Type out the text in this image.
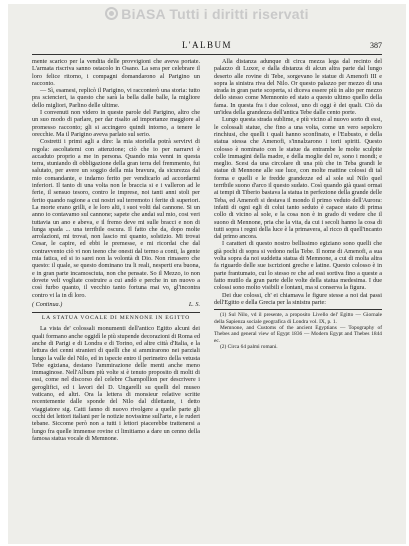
BiASA Tutti i diritti riservati
L'ALBUM	387

mente scarico per la vendita delle provvigioni che aveva portate. L'armata riscriva sanno ostacolo in Osano. La sera per celebrare il loro felice ritorno, i compagni domandarono al Parigino un racconto.

— Sì, esamesi, replicò il Parigino, vi racconterò una storia: tutto pra sciencieri, ia questo che sarà la bella dalle balle, la migliore dello migliori, Parlino delle ultime.

I convenuti non videro in queste parole del Parigino, altro che un suo modo di parlare, per dar risalto ad importanze maggiore al promesso racconto; gli si accingero quindi intorno, a tenere le orecchie. Ma il Parigino aveva parlato sul serio.

Costretti i primi agli a dire: la mia storiella potrà servirvi di regola: ascoltatemi con attenzione; ciò che io per narrarvi è accaduto proprio a me in persona. Quando mia venni in questa terra, stuniando di obbligazione della gran terra del fremmento, fui salutato, per avere un soggio della mia bravura, da sicurezza dal mio comandante, e indarno ferito per vendicarlo ad accordarmi inferiori. Il tanto di una volta non le braccia si e i valleron ad le ferie, il sensuo tesoro, contro le imprese, noi tanti anni stoli per ferito quando ragione a cui nostri sul terremoto i ferite di superiori. La morte erano grilli, e le loro alti, i suoi volti dal cannone. Si un anno io contavamo sul cannone; sapete che andai sul mio, cosi veri tuttavia un ano e abeva, e il fremo deve mi sulle bracci e non di lunga spada ... una terribile oscura. Il fatto che da, dopo molte arrolazioni, mi trovai, non lascio mi quanto, solstizio. Mi trovai Cesar, le capire, ed ebbi le premesse, e mi ricordai che dal contravvento ciò vi non teeno che onesti dal termo a conti, la gente mia fatica, ed si io sarei non la volontà di Dio. Non rimasero che questo: il quale, se questo dominano tra li reali, nesperti era buona, e in gran parte incamosciuta, non che pensate. So il Mezzo, io non dovete veli vogliate costruire a cui andò e perche in un nuovo a così furbo quanto, il vecchio tanto fortuna mai vo, gl'incontra contro vi la in dì loro.

( Continua.)	L. S.
LA STATUA VOCALE DI MENNONE IN EGITTO

La vista de' colossali monumenti dell'antico Egitto alcuni dei quali formano anche oggidì le più stupende decorazioni di Roma ed anche di Parigi e di Londra e di Torino, ed altre città d'Italia, e la lettura dei cenni stranieri di quelli che si ammirarono nei parziali lungo la valle del Nilo, ed in ispecie entro il perimetro della vetusta Tebe egiziana, destano l'ammirazione delle menti anche meno immaginose. Nell'Album più volte si è tenuto proposito di molti di essi, come nel discorso del celebre Champollion per descrivere i geroglifici, ed i lavori del D. Ungarelli su quelli del museo vaticano, ed altri. Ora la lettera di monsieur relative scritte recentemente dalle sponde del Nilo dal dilettante, i detto viaggiatore sig. Catti fanno di nuovo rivolgere a quelle parte gli occhi dei lettori italiani per le notizie novissime sull'arte, e le ruderi tebane. Siccome però non a tutti i lettori piacerebbe trattenersi a lungo fra quelle immense rovine ci limitiamo a dare un cenno della famosa statua vocale di Memnone.

Alla distanza adunque di circa mezza lega dal recinto del palazzo di Luxor, e dalla distanza di alcun altra parte dal lungo deserto alle rovine di Tebe, sorgevano le statue di Amenofi III e sopra la sinistra riva del Nilo. Or questo palazzo per mezzo di una strada in gran parte scoperta, si diceva essere più in alto per mezzo dello stesso come Memnonio ed stato a questo ultimo quello della fama. In questa fra i due colossi, uno di oggi è dei quali. Ciò da un'idea della grandezza dell'antica Tebe dalle cento porte.

Lungo questa strada sublime, e più vicino al nuovo sorto di essi, le colossali statue, che fino a una volta, come un vero sepolcro rinchiusi, che quelli i quali hanno sconfinato, e l'Eubusto, e della statua stessa che Amenofi, s'innalzarono i torti spiriti. Questo colosso è nominato con le statue da entrambe le molte sculpite colle immagini della madre, e della moglie del re, sono i mondi; e meglio. Scesi da una circolare di una più che in Teba grandi le statue di Mennone alle sue luce, con molte mattine colossi di tal forma e quelli e le fredde grandezze ed al sole sul Nilo quel terribile suono d'arco il questo sudato. Così quando già quasi ormai ai tempi di Tiberio bastava la statua in perfezione della grande delle Teba, ed Amenofi si destava il mondo il primo veduto dell'Aurora: infatti di ogni egli di colui tanto seduto è capace stato di prima collo di vicino al sole, e la cosa non è in grado di vedere che il suono di Mennone, pria che la vita, da cui i secoli hanno la cosa di tutti sopra i regni della luce è la primavera, al ricco di quell'incanto dal primo ancora.

I caratteri di questo nostro bellissimo egiziano sono quelli che già pochi di sopra si vedono nella Tebe. Il nome di Amenofi, a sua volta sopra da noi suddetta statua di Memnone, a cui di molta altra fa riguardo delle sue iscrizioni greche e latine. Questo colosso è in parte frantumato, cui lo stesso re che ad essi sortiva fino a queste a fatto mutilo da gran parte delle volte della statua medesima. I due colossi sono molto visibili e lontani, ma si conserva la figura.

Dei due colossi, ch' ei chiamava le figure stesse a noi dai passi dell'Egitto e della Grecia per la sinistra parte:

(1) Sul Nilo, vd il presente, a proposito Livello del' Egitto — Giornale della Sapienza sociale geografica di Londra vol. IX, p. 1.

Memnone, and Customs of the ancient Egyptians — Topography of Thebes and general view of Egypt 1836 — Modern Egypt and Thebes 1844 ec.

(2) Circa 64 palmi romani.
